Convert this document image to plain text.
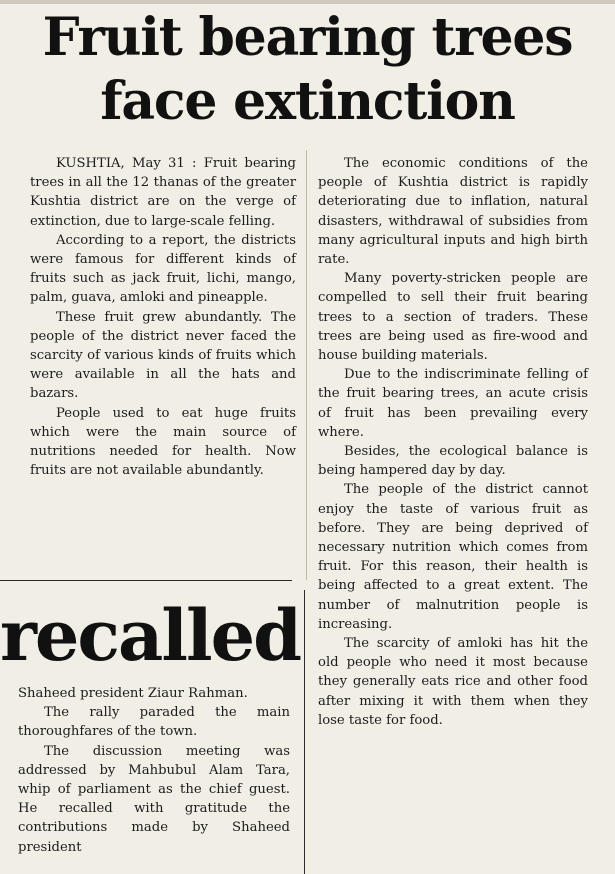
Fruit bearing trees face extinction

KUSHTIA, May 31 : Fruit bearing trees in all the 12 thanas of the greater Kushtia district are on the verge of extinction, due to large-scale felling.

According to a report, the districts were famous for different kinds of fruits such as jack fruit, lichi, mango, palm, guava, amloki and pineapple.

These fruit grew abundantly. The people of the district never faced the scarcity of various kinds of fruits which were available in all the hats and bazars.

People used to eat huge fruits which were the main source of nutritions needed for health. Now fruits are not available abundantly.

The economic conditions of the people of Kushtia district is rapidly deteriorating due to inflation, natural disasters, withdrawal of subsidies from many agricultural inputs and high birth rate.

Many poverty-stricken people are compelled to sell their fruit bearing trees to a section of traders. These trees are being used as fire-wood and house building materials.

Due to the indiscriminate felling of the fruit bearing trees, an acute crisis of fruit has been prevailing every where.

Besides, the ecological balance is being hampered day by day.

The people of the district cannot enjoy the taste of various fruit as before. They are being deprived of necessary nutrition which comes from fruit. For this reason, their health is being affected to a great extent. The number of malnutrition people is increasing.

The scarcity of amloki has hit the old people who need it most because they generally eats rice and other food after mixing it with them when they lose taste for food.

recalled

Shaheed president Ziaur Rahman.

The rally paraded the main thoroughfares of the town.

The discussion meeting was addressed by Mahbubul Alam Tara, whip of parliament as the chief guest. He recalled with gratitude the contributions made by Shaheed president
